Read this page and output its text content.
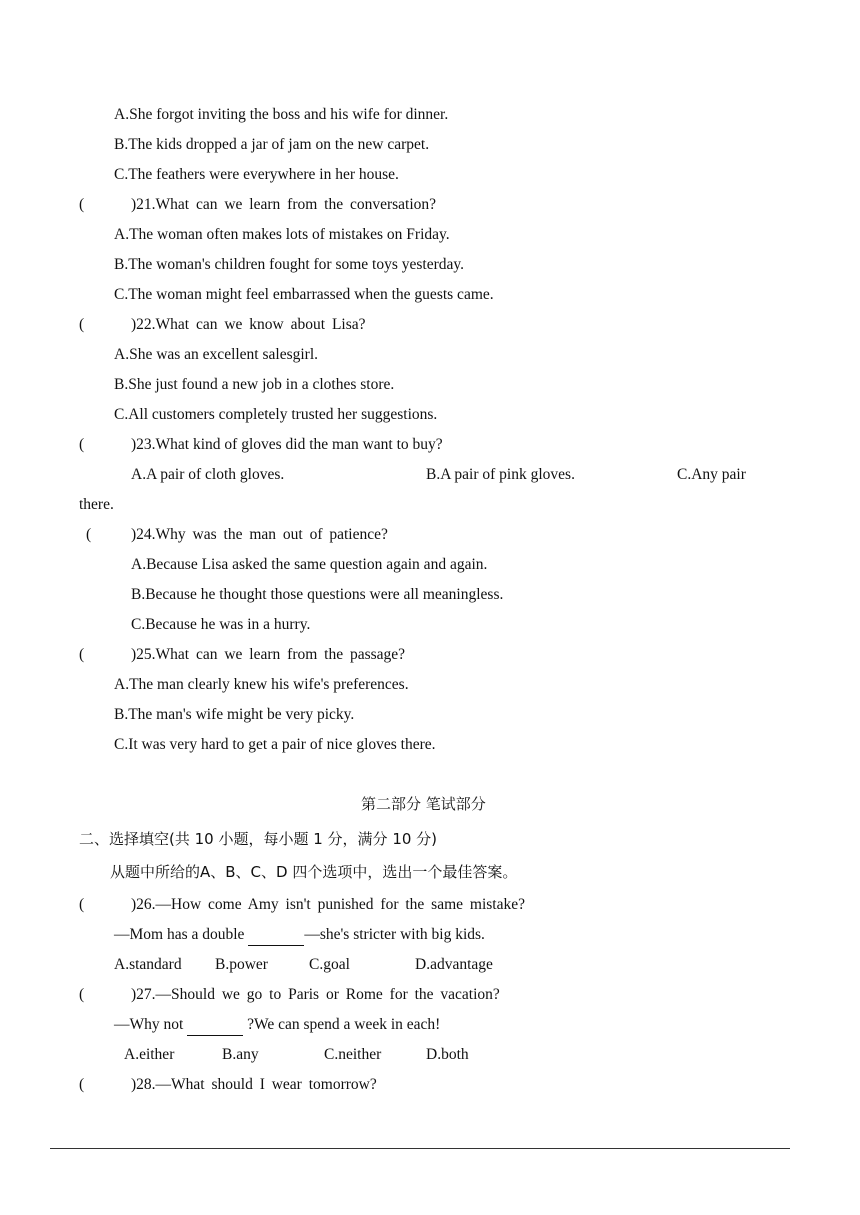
A.She forgot inviting the boss and his wife for dinner.
B.The kids dropped a jar of jam on the new carpet.
C.The feathers were everywhere in her house.
(	)21.What can we learn from the conversation?
A.The woman often makes lots of mistakes on Friday.
B.The woman's children fought for some toys yesterday.
C.The woman might feel embarrassed when the guests came.
(	)22.What can we know about Lisa?
A.She was an excellent salesgirl.
B.She just found a new job in a clothes store.
C.All customers completely trusted her suggestions.
(	)23.What kind of gloves did the man want to buy?
A.A pair of cloth gloves.	B.A pair of pink gloves.	C.Any pair
there.
(	)24.Why was the man out of patience?
A.Because Lisa asked the same question again and again.
B.Because he thought those questions were all meaningless.
C.Because he was in a hurry.
(	)25.What can we learn from the passage?
A.The man clearly knew his wife's preferences.
B.The man's wife might be very picky.
C.It was very hard to get a pair of nice gloves there.
第二部分 笔试部分
二、选择填空(共 10 小题，每小题 1 分，满分 10 分)
从题中所给的A、B、C、D 四个选项中，选出一个最佳答案。
(	)26.—How come Amy isn't punished for the same mistake?
—Mom has a double	—she's stricter with big kids.
A.standard B.power	C.goal	D.advantage
(	)27.—Should we go to Paris or Rome for the vacation?
—Why not	?We can spend a week in each!
A.either	B.any	C.neither	D.both
(	)28.—What should I wear tomorrow?
